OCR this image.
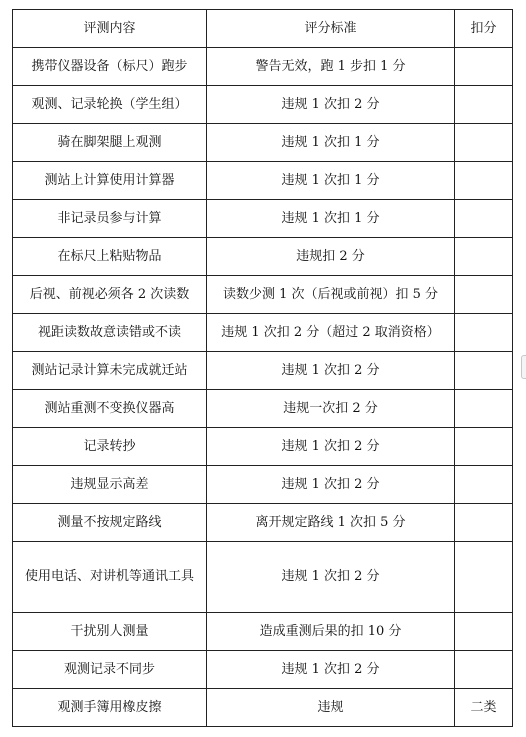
评测内容	评分标准	扣分
携带仪器设备（标尺）跑步	警告无效，跑 1 步扣 1 分	
观测、记录轮换（学生组）	违规 1 次扣 2 分	
骑在脚架腿上观测	违规 1 次扣 1 分	
测站上计算使用计算器	违规 1 次扣 1 分	
非记录员参与计算	违规 1 次扣 1 分	
在标尺上粘贴物品	违规扣 2 分	
后视、前视必须各 2 次读数	读数少测 1 次（后视或前视）扣 5 分	
视距读数故意读错或不读	违规 1 次扣 2 分（超过 2 取消资格）	
测站记录计算未完成就迁站	违规 1 次扣 2 分	
测站重测不变换仪器高	违规一次扣 2 分	
记录转抄	违规 1 次扣 2 分	
违规显示高差	违规 1 次扣 2 分	
测量不按规定路线	离开规定路线 1 次扣 5 分	
使用电话、对讲机等通讯工具	违规 1 次扣 2 分	
干扰别人测量	造成重测后果的扣 10 分	
观测记录不同步	违规 1 次扣 2 分	
观测手簿用橡皮擦	违规	二类
